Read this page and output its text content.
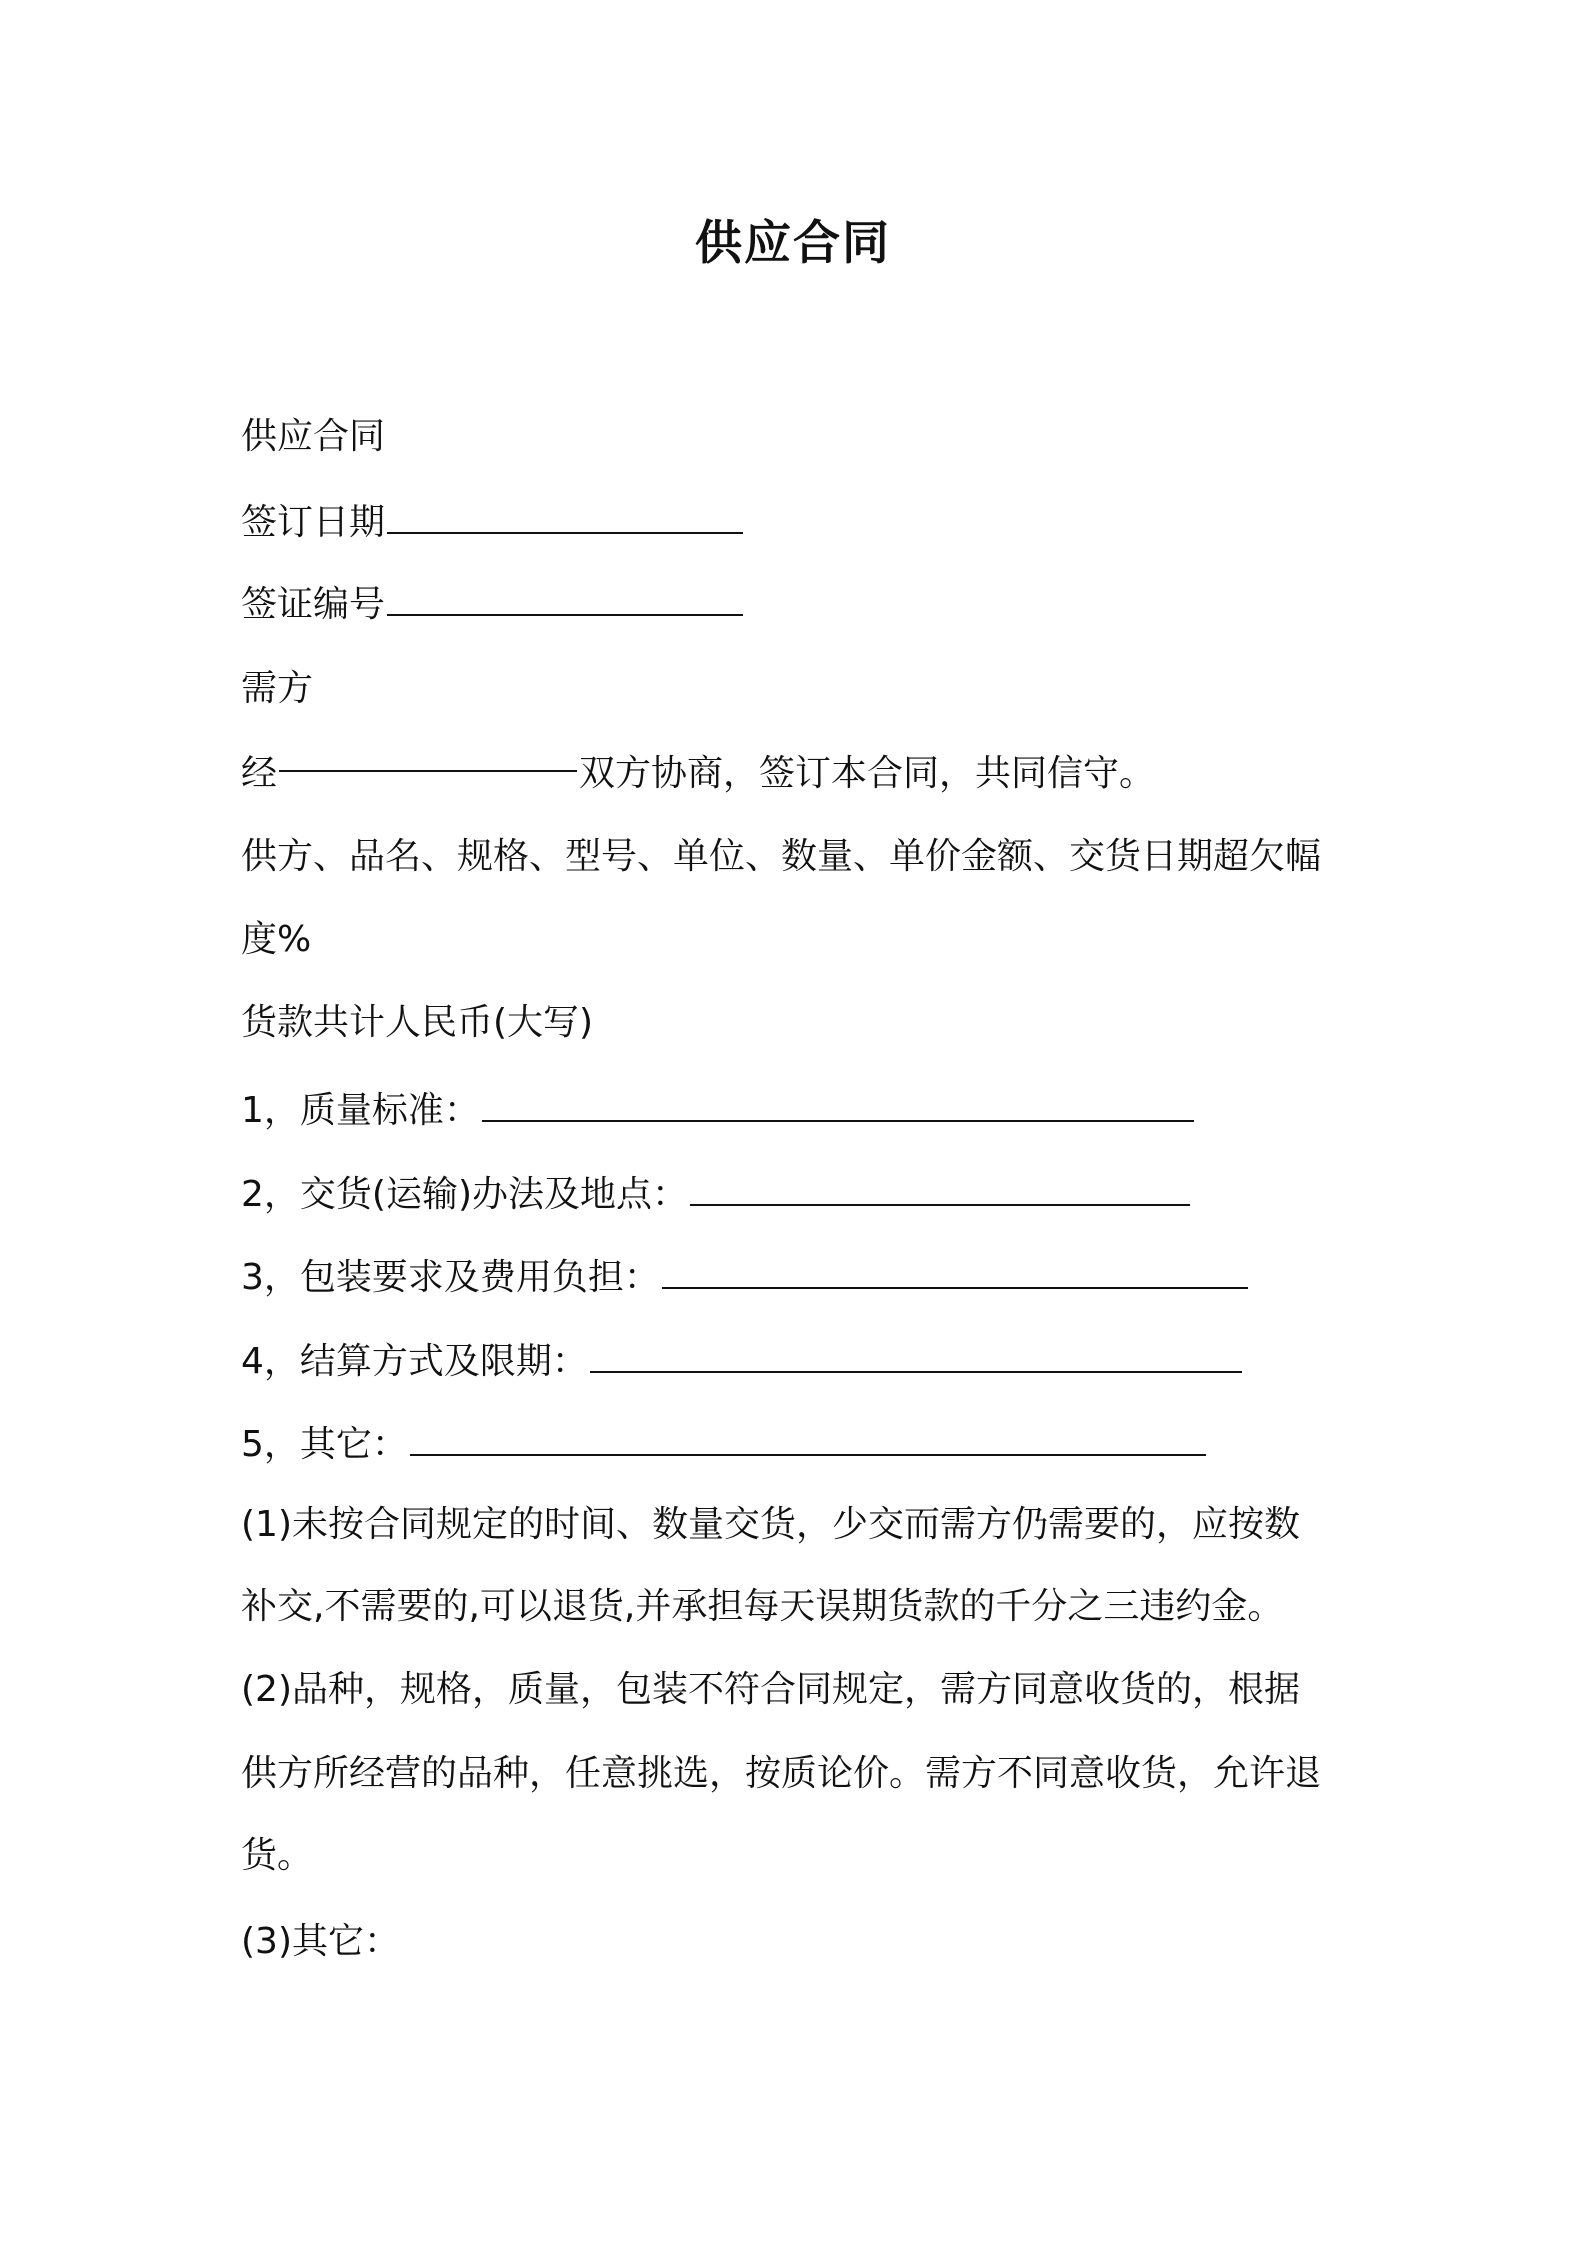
供应合同
供应合同
签订日期
签证编号
需方
经	双方协商，签订本合同，共同信守。
供方、品名、规格、型号、单位、数量、单价金额、交货日期超欠幅
度%
货款共计人民币(大写)
1，质量标准：
2，交货(运输)办法及地点：
3，包装要求及费用负担：
4，结算方式及限期：
5，其它：
(1)未按合同规定的时间、数量交货，少交而需方仍需要的，应按数
补交,不需要的,可以退货,并承担每天误期货款的千分之三违约金。
(2)品种，规格，质量，包装不符合同规定，需方同意收货的，根据
供方所经营的品种，任意挑选，按质论价。需方不同意收货，允许退
货。
(3)其它：
